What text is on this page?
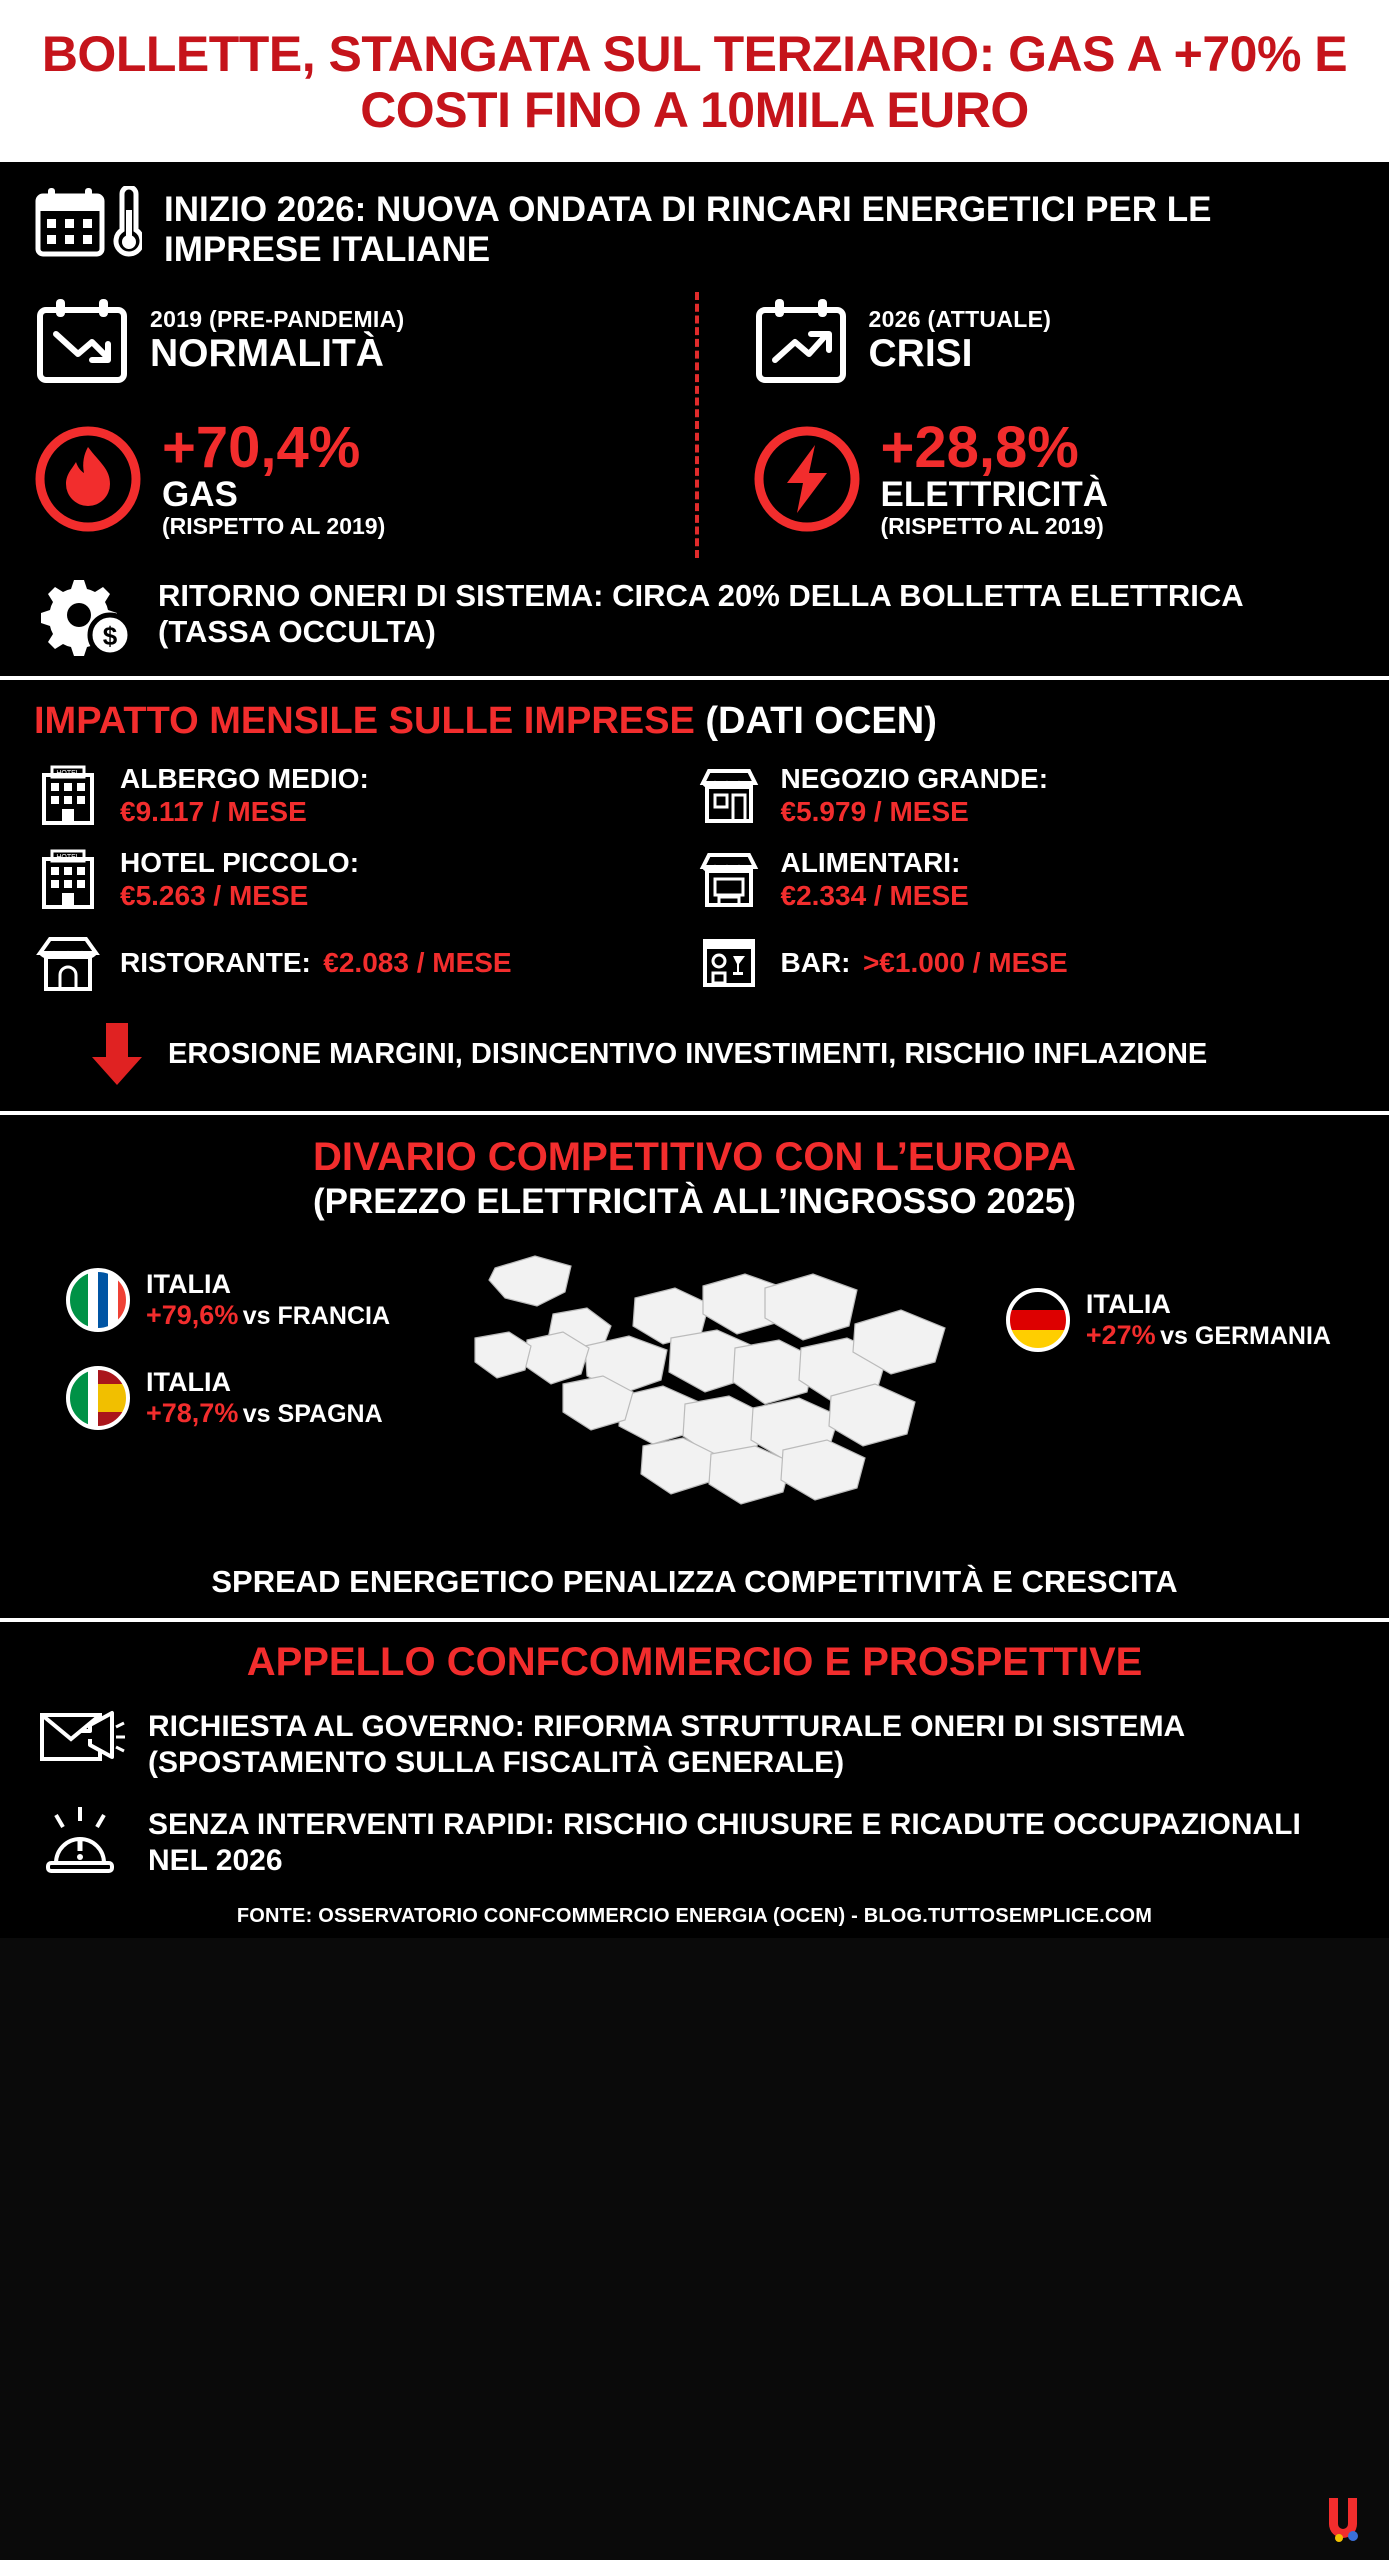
BOLLETTE, STANGATA SUL TERZIARIO: GAS A +70% E COSTI FINO A 10MILA EURO
INIZIO 2026: NUOVA ONDATA DI RINCARI ENERGETICI PER LE IMPRESE ITALIANE
2019 (PRE-PANDEMIA)
NORMALITÀ
+70,4%
GAS
(RISPETTO AL 2019)
2026 (ATTUALE)
CRISI
+28,8%
ELETTRICITÀ
(RISPETTO AL 2019)
$
RITORNO ONERI DI SISTEMA: CIRCA 20% DELLA BOLLETTA ELETTRICA (TASSA OCCULTA)
IMPATTO MENSILE SULLE IMPRESE (DATI OCEN)
HOTEL ALBERGO MEDIO:
€9.117 / MESE
NEGOZIO GRANDE:
€5.979 / MESE
HOTEL HOTEL PICCOLO:
€5.263 / MESE
ALIMENTARI:
€2.334 / MESE
RISTORANTE: €2.083 / MESE	BAR: >€1.000 / MESE
EROSIONE MARGINI, DISINCENTIVO INVESTIMENTI, RISCHIO INFLAZIONE
DIVARIO COMPETITIVO CON L’EUROPA
(PREZZO ELETTRICITÀ ALL’INGROSSO 2025)
ITALIA
+79,6% vs FRANCIA
ITALIA
+78,7% vs SPAGNA
ITALIA
+27% vs GERMANIA
SPREAD ENERGETICO PENALIZZA COMPETITIVITÀ E CRESCITA
APPELLO CONFCOMMERCIO E PROSPETTIVE
RICHIESTA AL GOVERNO: RIFORMA STRUTTURALE ONERI DI SISTEMA (SPOSTAMENTO SULLA FISCALITÀ GENERALE)
SENZA INTERVENTI RAPIDI: RISCHIO CHIUSURE E RICADUTE OCCUPAZIONALI NEL 2026
FONTE: OSSERVATORIO CONFCOMMERCIO ENERGIA (OCEN) - BLOG.TUTTOSEMPLICE.COM
